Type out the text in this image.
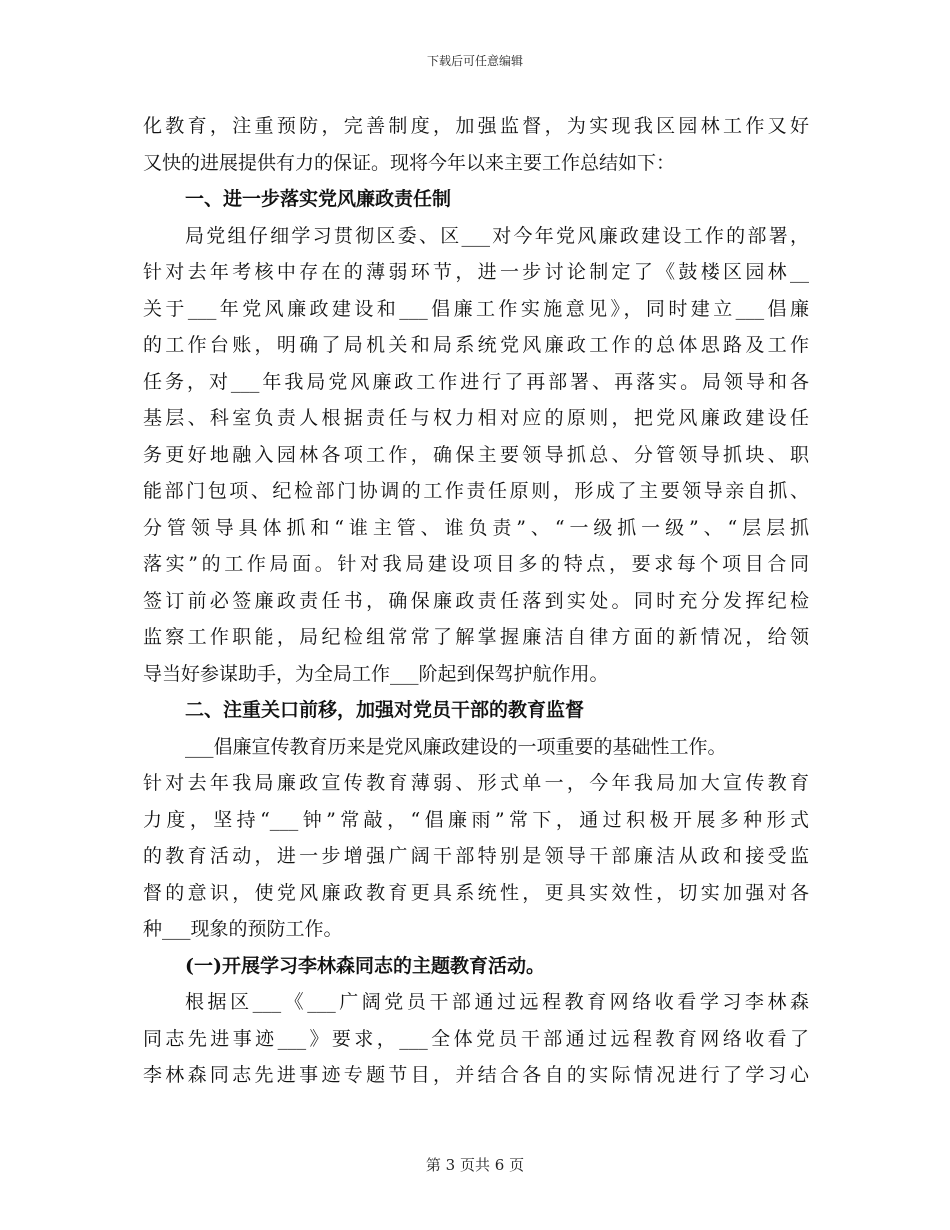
下载后可任意编辑
化教育，注重预防，完善制度，加强监督，为实现我区园林工作又好
又快的进展提供有力的保证。现将今年以来主要工作总结如下：
一、进一步落实党风廉政责任制
局党组仔细学习贯彻区委、区___对今年党风廉政建设工作的部署，
针对去年考核中存在的薄弱环节，进一步讨论制定了《鼓楼区园林__
关于___年党风廉政建设和___倡廉工作实施意见》，同时建立___倡廉
的工作台账，明确了局机关和局系统党风廉政工作的总体思路及工作
任务，对___年我局党风廉政工作进行了再部署、再落实。局领导和各
基层、科室负责人根据责任与权力相对应的原则，把党风廉政建设任
务更好地融入园林各项工作，确保主要领导抓总、分管领导抓块、职
能部门包项、纪检部门协调的工作责任原则，形成了主要领导亲自抓、
分管领导具体抓和“谁主管、谁负责”、“一级抓一级”、“层层抓
落实”的工作局面。针对我局建设项目多的特点，要求每个项目合同
签订前必签廉政责任书，确保廉政责任落到实处。同时充分发挥纪检
监察工作职能，局纪检组常常了解掌握廉洁自律方面的新情况，给领
导当好参谋助手，为全局工作___阶起到保驾护航作用。
二、注重关口前移，加强对党员干部的教育监督
___倡廉宣传教育历来是党风廉政建设的一项重要的基础性工作。
针对去年我局廉政宣传教育薄弱、形式单一，今年我局加大宣传教育
力度，坚持“___钟”常敲，“倡廉雨”常下，通过积极开展多种形式
的教育活动，进一步增强广阔干部特别是领导干部廉洁从政和接受监
督的意识，使党风廉政教育更具系统性，更具实效性，切实加强对各
种___现象的预防工作。
(一)开展学习李林森同志的主题教育活动。
根据区___《___广阔党员干部通过远程教育网络收看学习李林森
同志先进事迹___》要求，___全体党员干部通过远程教育网络收看了
李林森同志先进事迹专题节目，并结合各自的实际情况进行了学习心
第 3 页共 6 页
